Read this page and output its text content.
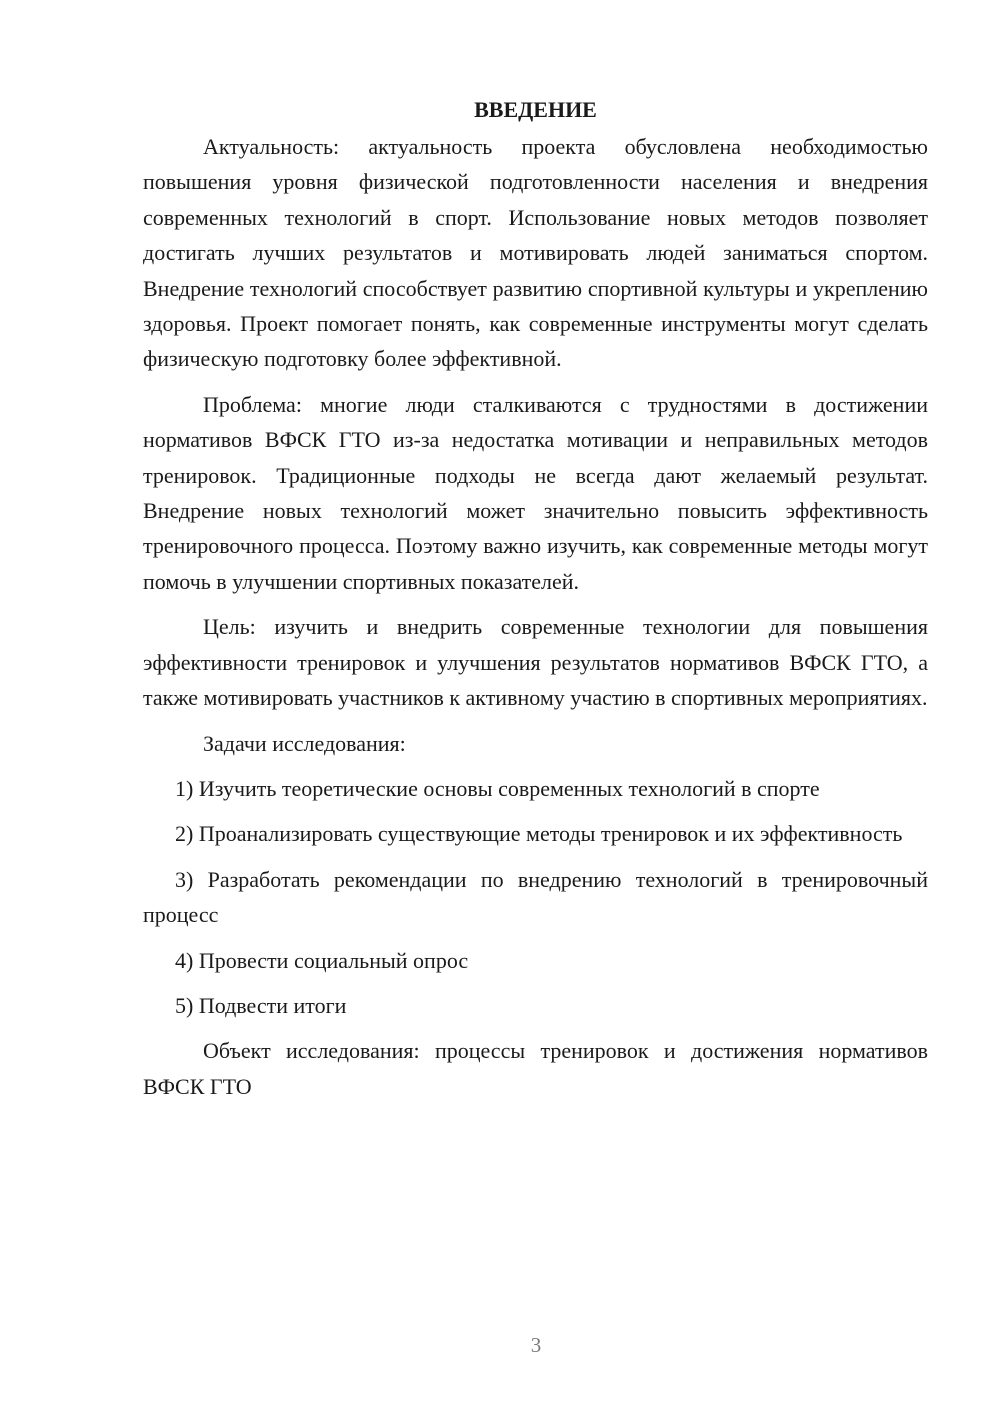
ВВЕДЕНИЕ

Актуальность: актуальность проекта обусловлена необходимостью повышения уровня физической подготовленности населения и внедрения современных технологий в спорт. Использование новых методов позволяет достигать лучших результатов и мотивировать людей заниматься спортом. Внедрение технологий способствует развитию спортивной культуры и укреплению здоровья. Проект помогает понять, как современные инструменты могут сделать физическую подготовку более эффективной.

Проблема: многие люди сталкиваются с трудностями в достижении нормативов ВФСК ГТО из-за недостатка мотивации и неправильных методов тренировок. Традиционные подходы не всегда дают желаемый результат. Внедрение новых технологий может значительно повысить эффективность тренировочного процесса. Поэтому важно изучить, как современные методы могут помочь в улучшении спортивных показателей.

Цель: изучить и внедрить современные технологии для повышения эффективности тренировок и улучшения результатов нормативов ВФСК ГТО, а также мотивировать участников к активному участию в спортивных мероприятиях.

Задачи исследования:

1) Изучить теоретические основы современных технологий в спорте

2) Проанализировать существующие методы тренировок и их эффективность

3) Разработать рекомендации по внедрению технологий в тренировочный процесс

4) Провести социальный опрос

5) Подвести итоги

Объект исследования: процессы тренировок и достижения нормативов ВФСК ГТО

3
